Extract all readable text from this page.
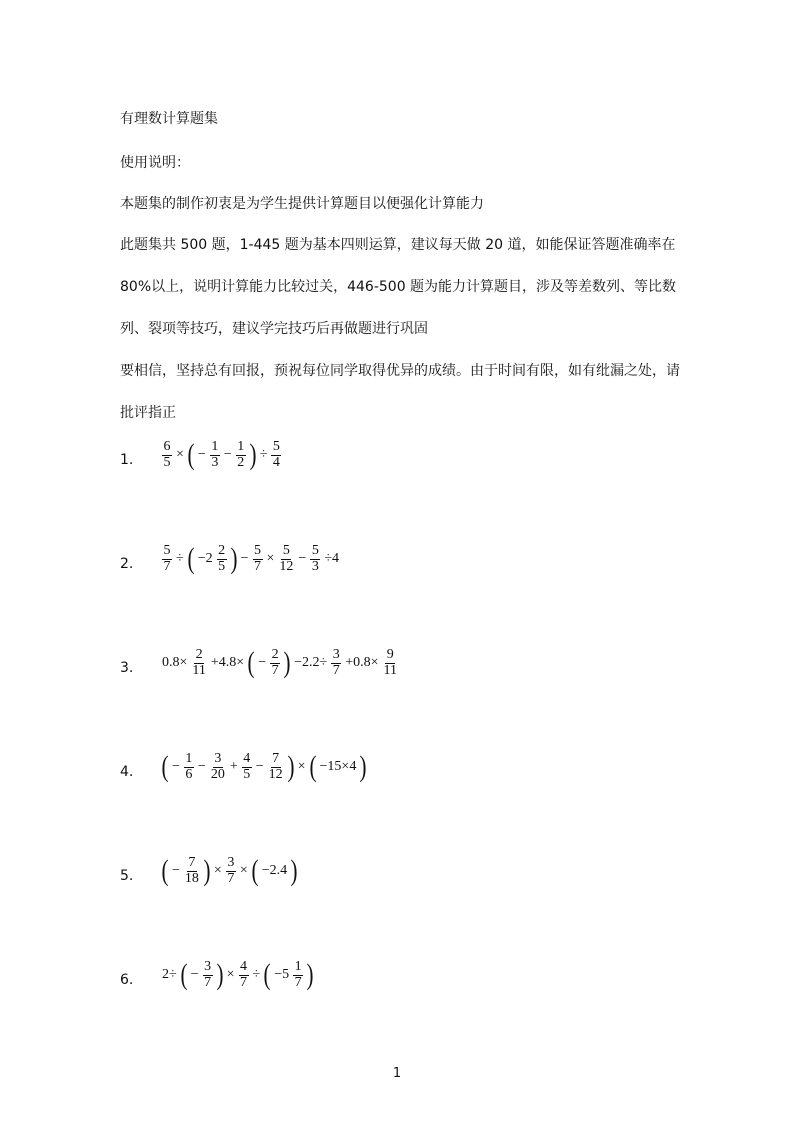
有理数计算题集
使用说明：
本题集的制作初衷是为学生提供计算题目以便强化计算能力
此题集共 500 题，1-445 题为基本四则运算，建议每天做 20 道，如能保证答题准确率在
80%以上，说明计算能力比较过关，446-500 题为能力计算题目，涉及等差数列、等比数
列、裂项等技巧，建议学完技巧后再做题进行巩固
要相信，坚持总有回报，预祝每位同学取得优异的成绩。由于时间有限，如有纰漏之处，请
批评指正
1. $\frac{6}{5}$ × ( − $\frac{1}{3} - \frac{1}{2}$ ) ÷ $\frac{5}{4}$
2. $\frac{5}{7}$ ÷ ( $-2 \frac{2}{5}$ ) − $\frac{5}{7} \times \frac{5}{12} - \frac{5}{3} \div 4$
3. $0.8\times \frac{2}{11} +4.8\times$ ( − $\frac{2}{7}$ ) $-2.2\div \frac{3}{7} +0.8\times \frac{9}{11}$
4. ( − $\frac{1}{6} - \frac{3}{20} + \frac{4}{5} - \frac{7}{12}$ ) × ( −15×4 )
5. ( − $\frac{7}{18}$ ) × $\frac{3}{7}$ × ( −2.4 )
6. 2÷ ( − $\frac{3}{7}$ ) × $\frac{4}{7}$ ÷ ( $-5 \frac{1}{7}$ )
1
